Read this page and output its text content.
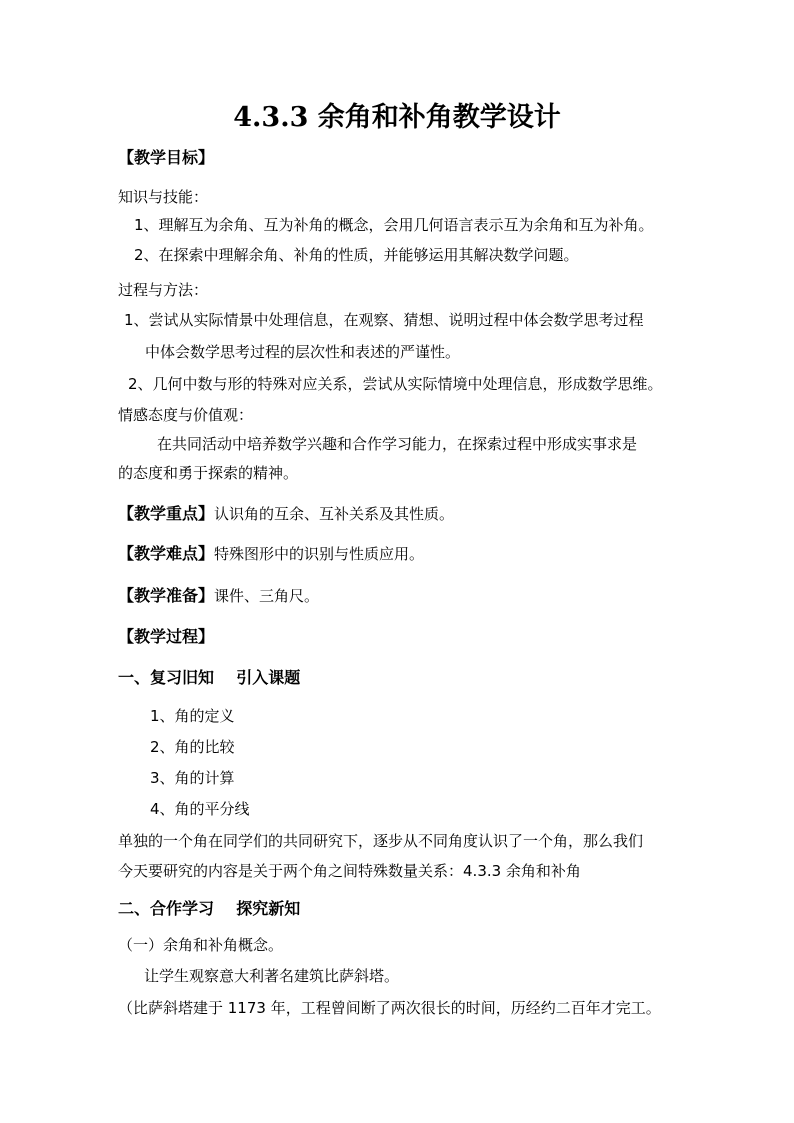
4.3.3 余角和补角教学设计
【教学目标】
知识与技能：
1、理解互为余角、互为补角的概念，会用几何语言表示互为余角和互为补角。
2、在探索中理解余角、补角的性质，并能够运用其解决数学问题。
过程与方法：
1、尝试从实际情景中处理信息，在观察、猜想、说明过程中体会数学思考过程
中体会数学思考过程的层次性和表述的严谨性。
2、几何中数与形的特殊对应关系，尝试从实际情境中处理信息，形成数学思维。
情感态度与价值观：
在共同活动中培养数学兴趣和合作学习能力，在探索过程中形成实事求是
的态度和勇于探索的精神。
【教学重点】认识角的互余、互补关系及其性质。
【教学难点】特殊图形中的识别与性质应用。
【教学准备】课件、三角尺。
【教学过程】
一、复习旧知    引入课题
1、角的定义
2、角的比较
3、角的计算
4、角的平分线
单独的一个角在同学们的共同研究下，逐步从不同角度认识了一个角，那么我们
今天要研究的内容是关于两个角之间特殊数量关系：4.3.3 余角和补角
二、合作学习    探究新知
（一）余角和补角概念。
让学生观察意大利著名建筑比萨斜塔。
（比萨斜塔建于 1173 年，工程曾间断了两次很长的时间，历经约二百年才完工。
